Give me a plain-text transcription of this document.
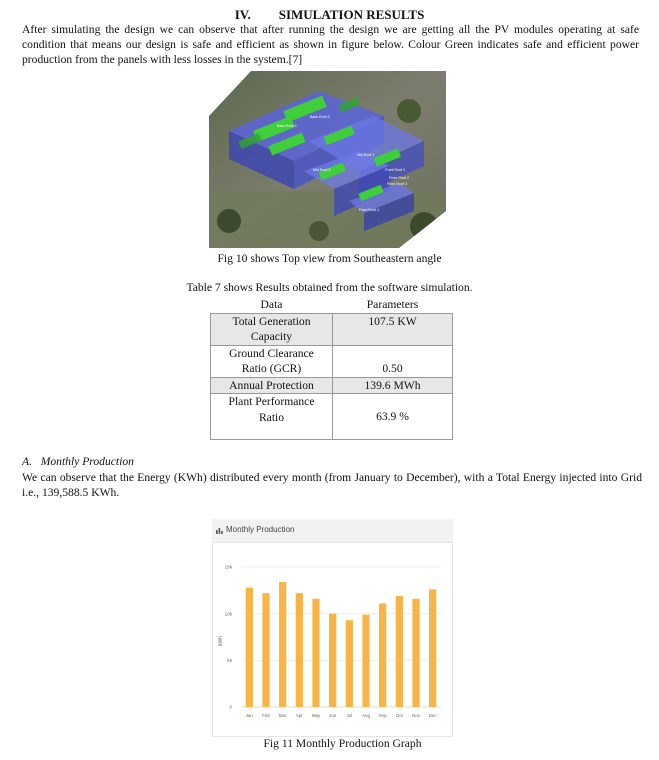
IV. SIMULATION RESULTS
After simulating the design we can observe that after running the design we are getting all the PV modules operating at safe condition that means our design is safe and efficient as shown in figure below. Colour Green indicates safe and efficient power production from the panels with less losses in the system.[7]
Back Roof 3
Back Roof 2
Mid Roof 1
Mid Roof 3	Front Roof 1
Front Roof 2
Front Roof 3
Front Roof 4
Fig 10 shows Top view from Southeastern angle
Table 7 shows Results obtained from the software simulation.
Data	Parameters
Total Generation
Capacity	107.5 KW
Ground Clearance
Ratio (GCR)	0.50
Annual Protection	139.6 MWh
Plant Performance
Ratio	63.9 %
A. Monthly Production
We can observe that the Energy (KWh) distributed every month (from January to December), with a Total Energy injected into Grid i.e., 139,588.5 KWh.
Monthly Production
Jan Feb Mar Apr May Jun Jul Aug Sep Oct Nov Dec
0
5k
10k
15k
kWh
Fig 11 Monthly Production Graph
